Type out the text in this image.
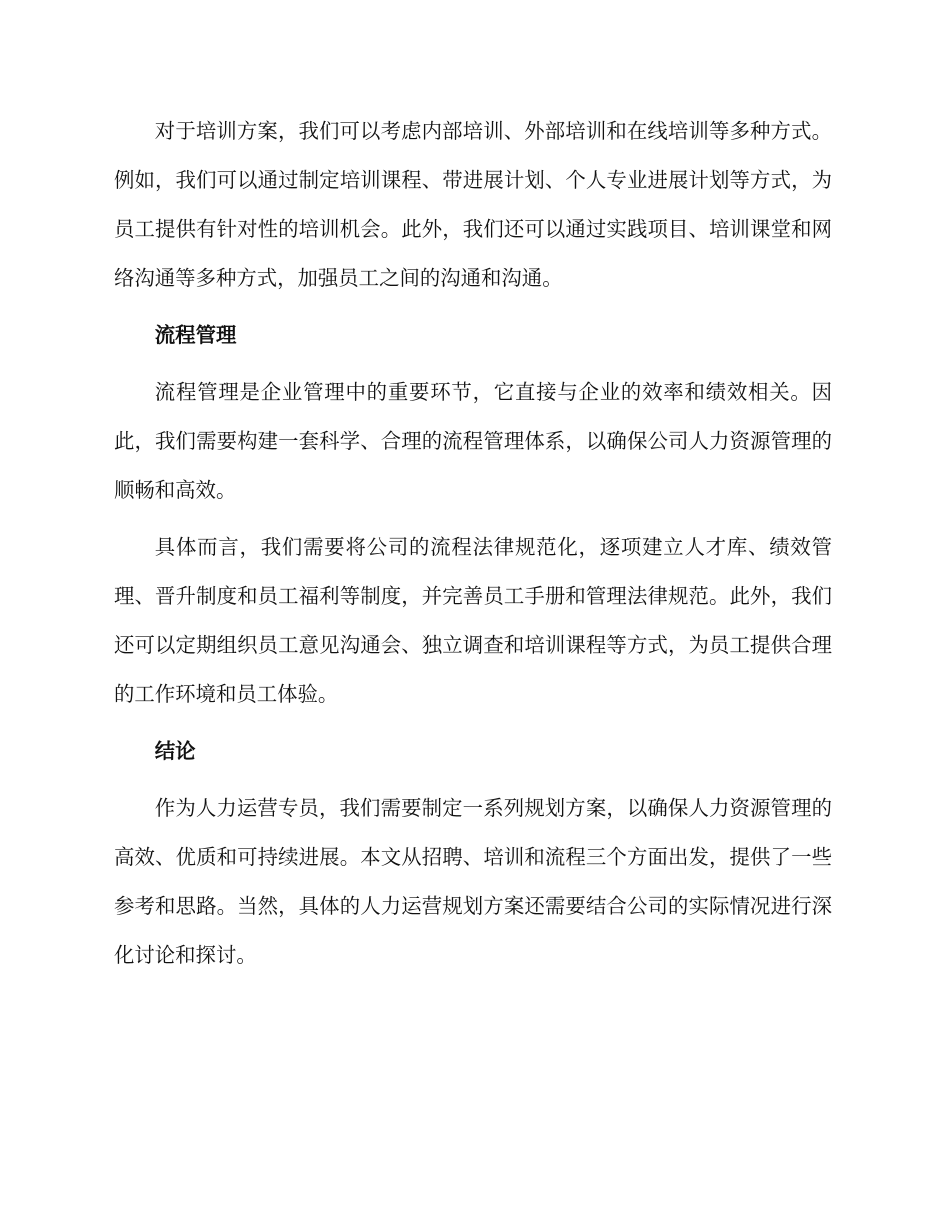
对于培训方案，我们可以考虑内部培训、外部培训和在线培训等多种方式。例如，我们可以通过制定培训课程、带进展计划、个人专业进展计划等方式，为员工提供有针对性的培训机会。此外，我们还可以通过实践项目、培训课堂和网络沟通等多种方式，加强员工之间的沟通和沟通。

流程管理

流程管理是企业管理中的重要环节，它直接与企业的效率和绩效相关。因此，我们需要构建一套科学、合理的流程管理体系，以确保公司人力资源管理的顺畅和高效。

具体而言，我们需要将公司的流程法律规范化，逐项建立人才库、绩效管理、晋升制度和员工福利等制度，并完善员工手册和管理法律规范。此外，我们还可以定期组织员工意见沟通会、独立调查和培训课程等方式，为员工提供合理的工作环境和员工体验。

结论

作为人力运营专员，我们需要制定一系列规划方案，以确保人力资源管理的高效、优质和可持续进展。本文从招聘、培训和流程三个方面出发，提供了一些参考和思路。当然，具体的人力运营规划方案还需要结合公司的实际情况进行深化讨论和探讨。
